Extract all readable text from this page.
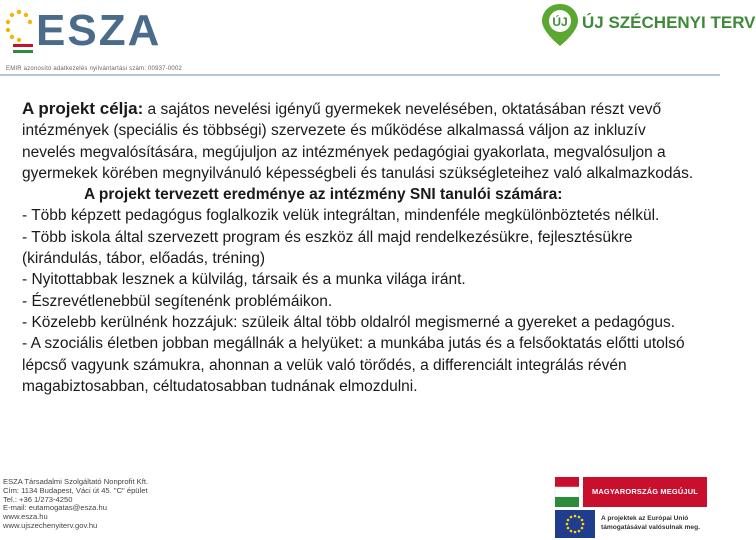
ESZA
EMIR azonosító adatkezelés nyilvántartási szám: 00937-0002
ÚJ ÚJ SZÉCHENYI TERV

A projekt célja: a sajátos nevelési igényű gyermekek nevelésében, oktatásában részt vevő intézmények (speciális és többségi) szervezete és működése alkalmassá váljon az inkluzív nevelés megvalósítására, megújuljon az intézmények pedagógiai gyakorlata, megvalósuljon a gyermekek körében megnyilvánuló képességbeli és tanulási szükségleteihez való alkalmazkodás.

A projekt tervezett eredménye az intézmény SNI tanulói számára:

- Több képzett pedagógus foglalkozik velük integráltan, mindenféle megkülönböztetés nélkül.

- Több iskola által szervezett program és eszköz áll majd rendelkezésükre, fejlesztésükre (kirándulás, tábor, előadás, tréning)

- Nyitottabbak lesznek a külvilág, társaik és a munka világa iránt.

- Észrevétlenebbül segítenénk problémáikon.

- Közelebb kerülnénk hozzájuk: szüleik által több oldalról megismerné a gyereket a pedagógus.

- A szociális életben jobban megállnák a helyüket: a munkába jutás és a felsőoktatás előtti utolsó lépcső vagyunk számukra, ahonnan a velük való törődés, a differenciált integrálás révén magabiztosabban, céltudatosabban tudnának elmozdulni.

ESZA Társadalmi Szolgáltató Nonprofit Kft.
Cím: 1134 Budapest, Váci út 45. "C" épület
Tel.: +36 1/273-4250
E-mail: eutamogatas@esza.hu
www.esza.hu
www.ujszechenyiterv.gov.hu
MAGYARORSZÁG MEGÚJUL
A projektek az Európai Unió támogatásával valósulnak meg.
